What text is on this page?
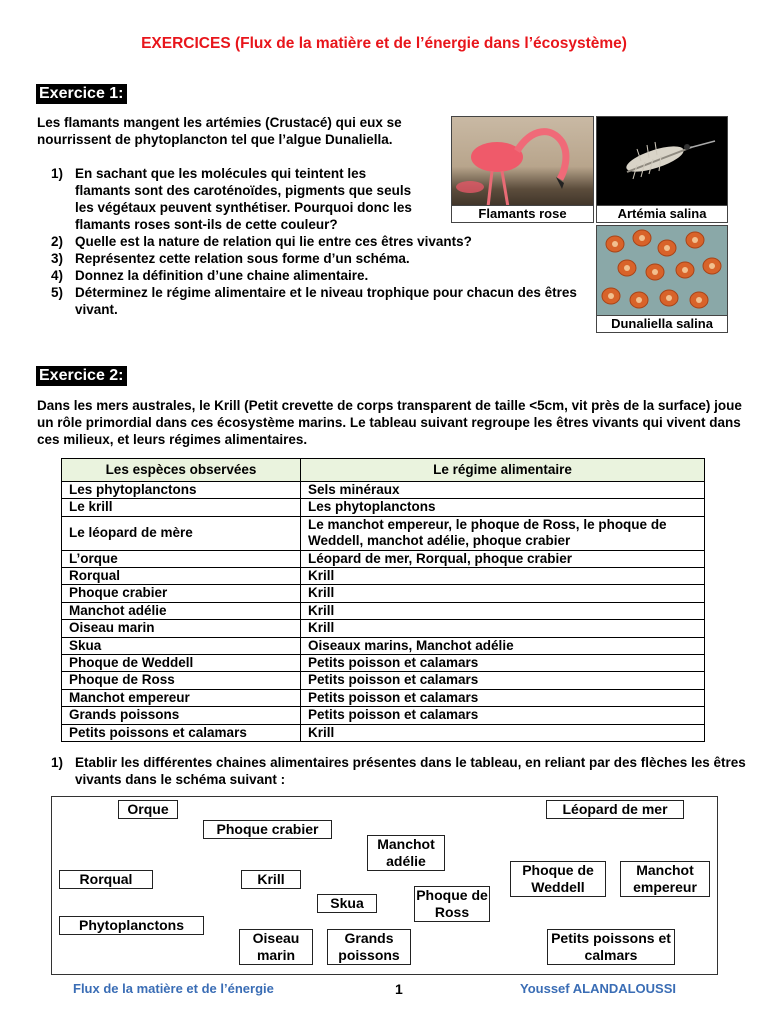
EXERCICES (Flux de la matière et de l’énergie dans l’écosystème)
Exercice 1:
Les flamants mangent les artémies (Crustacé) qui eux se nourrissent de phytoplancton tel que l’algue Dunaliella.
1) En sachant que les molécules qui teintent les flamants sont des caroténoïdes, pigments que seuls les végétaux peuvent synthétiser. Pourquoi donc les flamants roses sont-ils de cette couleur?
2) Quelle est la nature de relation qui lie entre ces êtres vivants?
3) Représentez cette relation sous forme d’un schéma.
4) Donnez la définition d’une chaine alimentaire.
5) Déterminez le régime alimentaire et le niveau trophique pour chacun des êtres vivant.
Flamants rose	Artémia salina
Dunaliella salina
Exercice 2:
Dans les mers australes, le Krill (Petit crevette de corps transparent de taille <5cm, vit près de la surface) joue un rôle primordial dans ces écosystème marins. Le tableau suivant regroupe les êtres vivants qui vivent dans ces milieux, et leurs régimes alimentaires.
Les espèces observées	Le régime alimentaire
Les phytoplanctons	Sels minéraux
Le krill	Les phytoplanctons
Le léopard de mère	Le manchot empereur, le phoque de Ross, le phoque de Weddell, manchot adélie, phoque crabier
L’orque	Léopard de mer, Rorqual, phoque crabier
Rorqual	Krill
Phoque crabier	Krill
Manchot adélie	Krill
Oiseau marin	Krill
Skua	Oiseaux marins, Manchot adélie
Phoque de Weddell	Petits poisson et calamars
Phoque de Ross	Petits poisson et calamars
Manchot empereur	Petits poisson et calamars
Grands poissons	Petits poisson et calamars
Petits poissons et calamars	Krill
1) Etablir les différentes chaines alimentaires présentes dans le tableau, en reliant par des flèches les êtres vivants dans le schéma suivant :
Orque
Phoque crabier
Manchot adélie
Léopard de mer
Phoque de Weddell
Manchot empereur
Rorqual	Krill
Skua	Phoque de Ross
Phytoplanctons
Oiseau marin
Grands poissons
Petits poissons et calmars
Flux de la matière et de l’énergie	1	Youssef ALANDALOUSSI
